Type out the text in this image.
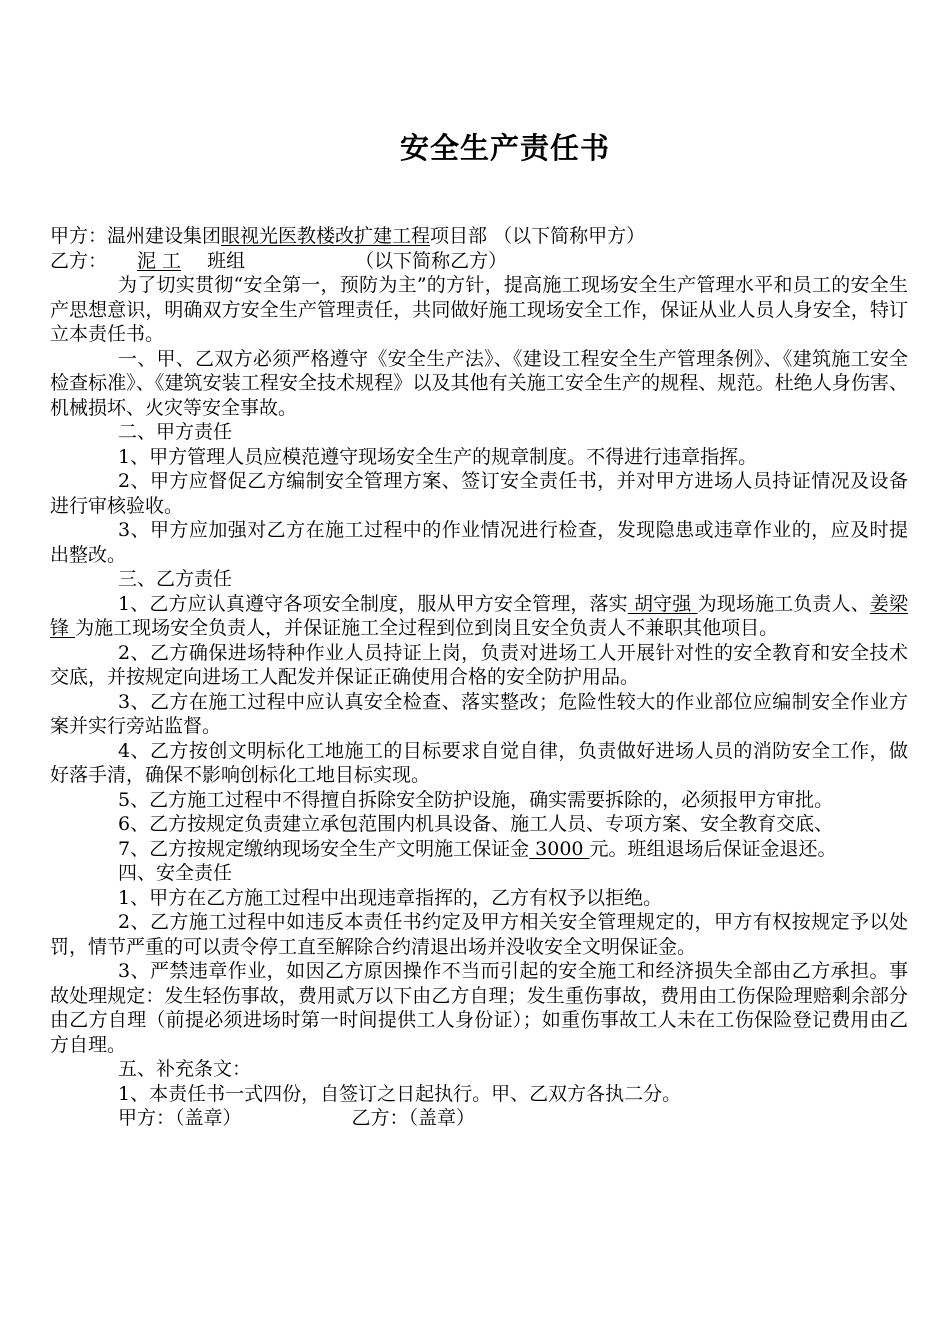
安全生产责任书

甲方：温州建设集团眼视光医教楼改扩建工程项目部 （以下简称甲方）

乙方： 泥 工 班组	（以下简称乙方）

为了切实贯彻“安全第一，预防为主”的方针，提高施工现场安全生产管理水平和员工的安全生产思想意识，明确双方安全生产管理责任，共同做好施工现场安全工作，保证从业人员人身安全，特订立本责任书。

一、甲、乙双方必须严格遵守《安全生产法》、《建设工程安全生产管理条例》、《建筑施工安全检查标准》、《建筑安装工程安全技术规程》以及其他有关施工安全生产的规程、规范。杜绝人身伤害、机械损坏、火灾等安全事故。

二、甲方责任

1、甲方管理人员应模范遵守现场安全生产的规章制度。不得进行违章指挥。

2、甲方应督促乙方编制安全管理方案、签订安全责任书，并对甲方进场人员持证情况及设备进行审核验收。

3、甲方应加强对乙方在施工过程中的作业情况进行检查，发现隐患或违章作业的，应及时提出整改。

三、乙方责任

1、乙方应认真遵守各项安全制度，服从甲方安全管理，落实 胡守强 为现场施工负责人、姜梁锋 为施工现场安全负责人，并保证施工全过程到位到岗且安全负责人不兼职其他项目。

2、乙方确保进场特种作业人员持证上岗，负责对进场工人开展针对性的安全教育和安全技术交底，并按规定向进场工人配发并保证正确使用合格的安全防护用品。

3、乙方在施工过程中应认真安全检查、落实整改；危险性较大的作业部位应编制安全作业方案并实行旁站监督。

4、乙方按创文明标化工地施工的目标要求自觉自律，负责做好进场人员的消防安全工作，做好落手清，确保不影响创标化工地目标实现。

5、乙方施工过程中不得擅自拆除安全防护设施，确实需要拆除的，必须报甲方审批。

6、乙方按规定负责建立承包范围内机具设备、施工人员、专项方案、安全教育交底、

7、乙方按规定缴纳现场安全生产文明施工保证金 3000 元。班组退场后保证金退还。

四、安全责任

1、甲方在乙方施工过程中出现违章指挥的，乙方有权予以拒绝。

2、乙方施工过程中如违反本责任书约定及甲方相关安全管理规定的，甲方有权按规定予以处罚，情节严重的可以责令停工直至解除合约清退出场并没收安全文明保证金。

3、严禁违章作业，如因乙方原因操作不当而引起的安全施工和经济损失全部由乙方承担。事故处理规定：发生轻伤事故，费用贰万以下由乙方自理；发生重伤事故，费用由工伤保险理赔剩余部分由乙方自理（前提必须进场时第一时间提供工人身份证）；如重伤事故工人未在工伤保险登记费用由乙方自理。

五、补充条文：

1、本责任书一式四份，自签订之日起执行。甲、乙双方各执二分。

甲方：（盖章）	乙方：（盖章）
